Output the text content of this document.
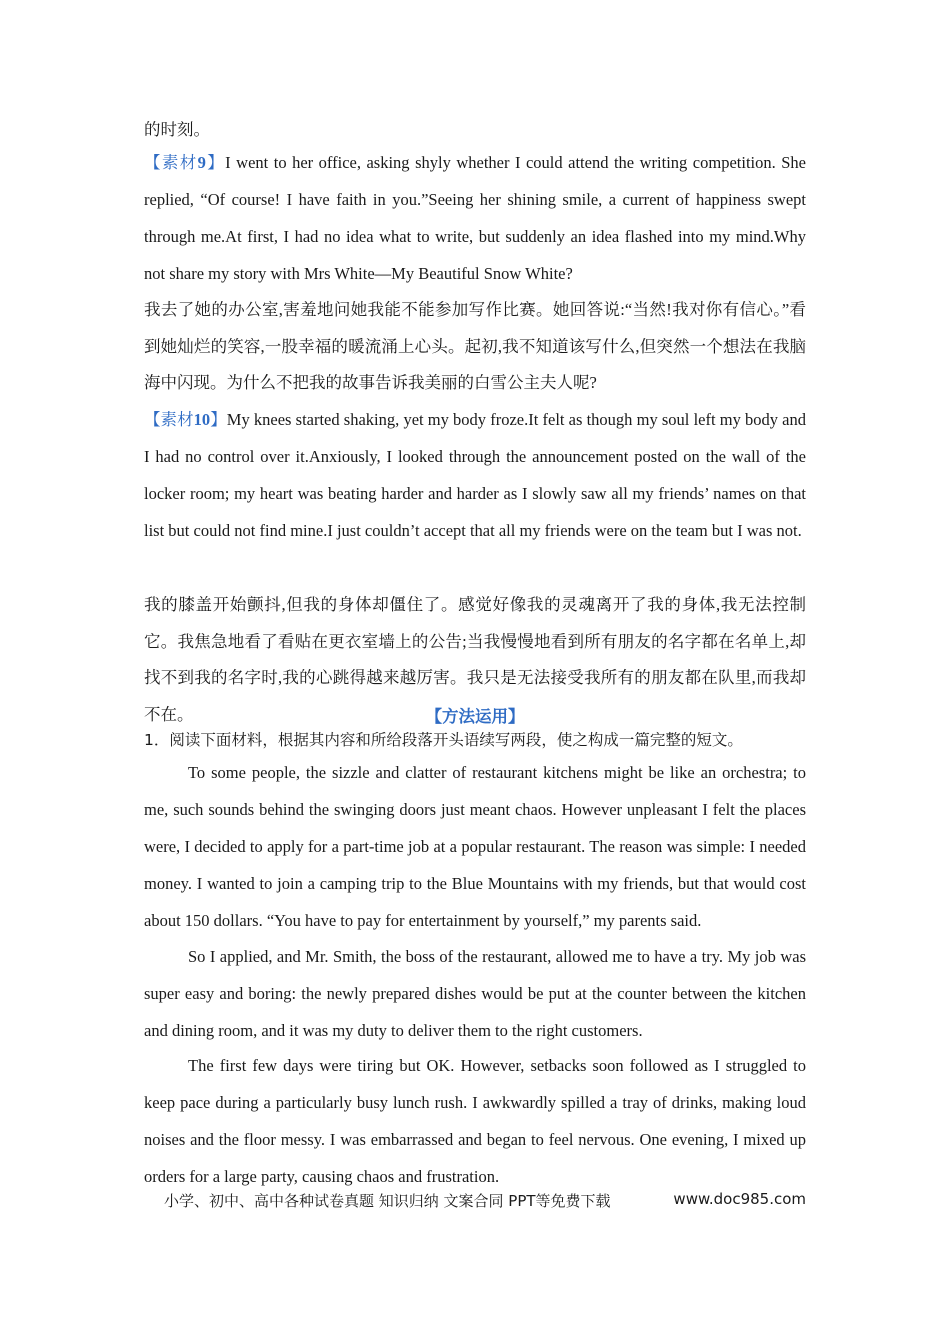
的时刻。
【素材9】I went to her office, asking shyly whether I could attend the writing competition. She replied, “Of course! I have faith in you.”Seeing her shining smile, a current of happiness swept through me.At first, I had no idea what to write, but suddenly an idea flashed into my mind.Why not share my story with Mrs White—My Beautiful Snow White?
我去了她的办公室,害羞地问她我能不能参加写作比赛。她回答说:“当然!我对你有信心。”看到她灿烂的笑容,一股幸福的暖流涌上心头。起初,我不知道该写什么,但突然一个想法在我脑海中闪现。为什么不把我的故事告诉我美丽的白雪公主夫人呢?
【素材10】My knees started shaking, yet my body froze.It felt as though my soul left my body and I had no control over it.Anxiously, I looked through the announcement posted on the wall of the locker room; my heart was beating harder and harder as I slowly saw all my friends’ names on that list but could not find mine.I just couldn’t accept that all my friends were on the team but I was not.
我的膝盖开始颤抖,但我的身体却僵住了。感觉好像我的灵魂离开了我的身体,我无法控制它。我焦急地看了看贴在更衣室墙上的公告;当我慢慢地看到所有朋友的名字都在名单上,却找不到我的名字时,我的心跳得越来越厉害。我只是无法接受我所有的朋友都在队里,而我却不在。	【方法运用】
1．阅读下面材料，根据其内容和所给段落开头语续写两段，使之构成一篇完整的短文。
To some people, the sizzle and clatter of restaurant kitchens might be like an orchestra; to me, such sounds behind the swinging doors just meant chaos. However unpleasant I felt the places were, I decided to apply for a part-time job at a popular restaurant. The reason was simple: I needed money. I wanted to join a camping trip to the Blue Mountains with my friends, but that would cost about 150 dollars. “You have to pay for entertainment by yourself,” my parents said.
So I applied, and Mr. Smith, the boss of the restaurant, allowed me to have a try. My job was super easy and boring: the newly prepared dishes would be put at the counter between the kitchen and dining room, and it was my duty to deliver them to the right customers.
The first few days were tiring but OK. However, setbacks soon followed as I struggled to keep pace during a particularly busy lunch rush. I awkwardly spilled a tray of drinks, making loud noises and the floor messy. I was embarrassed and began to feel nervous. One evening, I mixed up orders for a large party, causing chaos and frustration.
小学、初中、高中各种试卷真题 知识归纳 文案合同 PPT等免费下载	www.doc985.com
